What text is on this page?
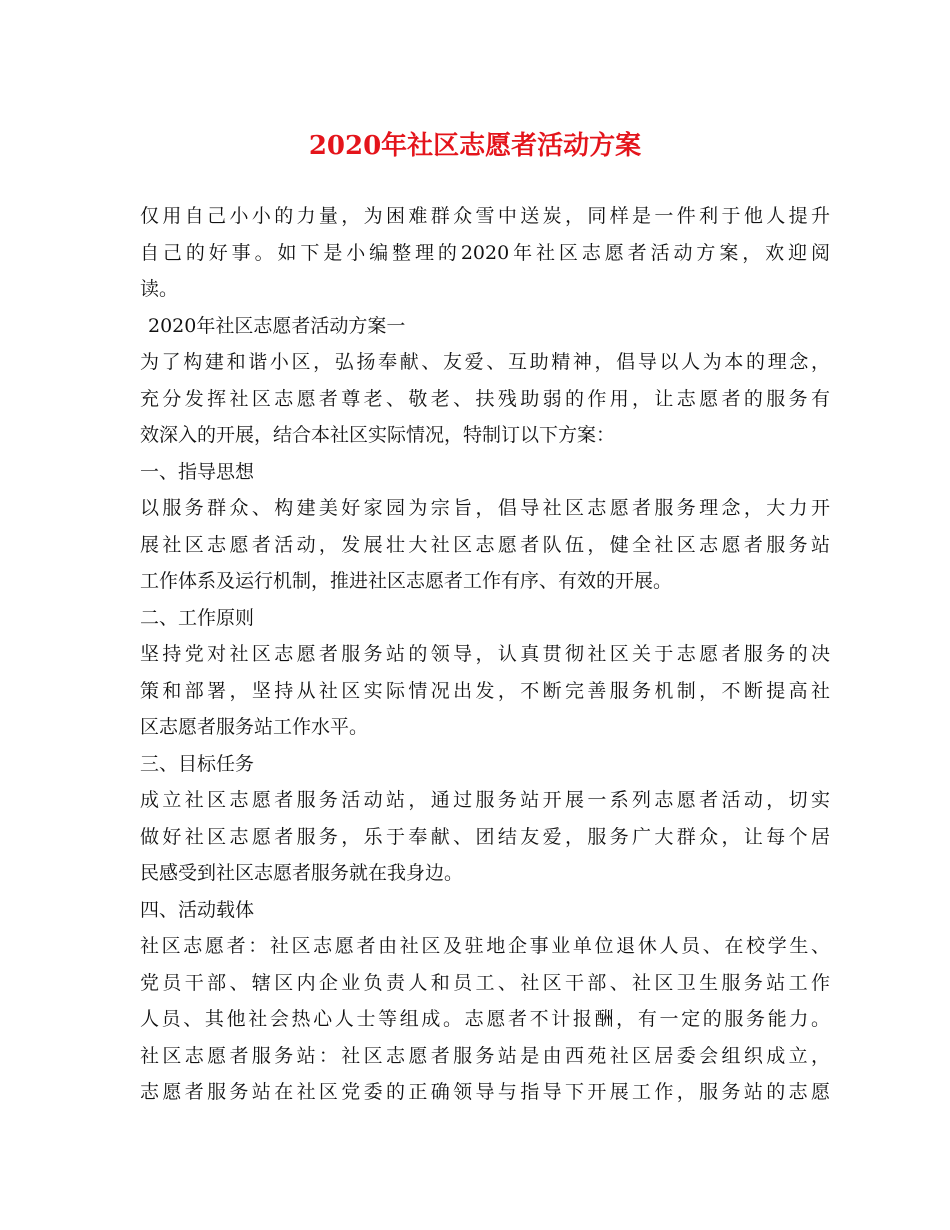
2020年社区志愿者活动方案
仅用自己小小的力量，为困难群众雪中送炭，同样是一件利于他人提升
自己的好事。如下是小编整理的2020年社区志愿者活动方案，欢迎阅
读。
2020年社区志愿者活动方案一
为了构建和谐小区，弘扬奉献、友爱、互助精神，倡导以人为本的理念，
充分发挥社区志愿者尊老、敬老、扶残助弱的作用，让志愿者的服务有
效深入的开展，结合本社区实际情况，特制订以下方案：
一、指导思想
以服务群众、构建美好家园为宗旨，倡导社区志愿者服务理念，大力开
展社区志愿者活动，发展壮大社区志愿者队伍，健全社区志愿者服务站
工作体系及运行机制，推进社区志愿者工作有序、有效的开展。
二、工作原则
坚持党对社区志愿者服务站的领导，认真贯彻社区关于志愿者服务的决
策和部署，坚持从社区实际情况出发，不断完善服务机制，不断提高社
区志愿者服务站工作水平。
三、目标任务
成立社区志愿者服务活动站，通过服务站开展一系列志愿者活动，切实
做好社区志愿者服务，乐于奉献、团结友爱，服务广大群众，让每个居
民感受到社区志愿者服务就在我身边。
四、活动载体
社区志愿者：社区志愿者由社区及驻地企事业单位退休人员、在校学生、
党员干部、辖区内企业负责人和员工、社区干部、社区卫生服务站工作
人员、其他社会热心人士等组成。志愿者不计报酬，有一定的服务能力。
社区志愿者服务站：社区志愿者服务站是由西苑社区居委会组织成立，
志愿者服务站在社区党委的正确领导与指导下开展工作，服务站的志愿
